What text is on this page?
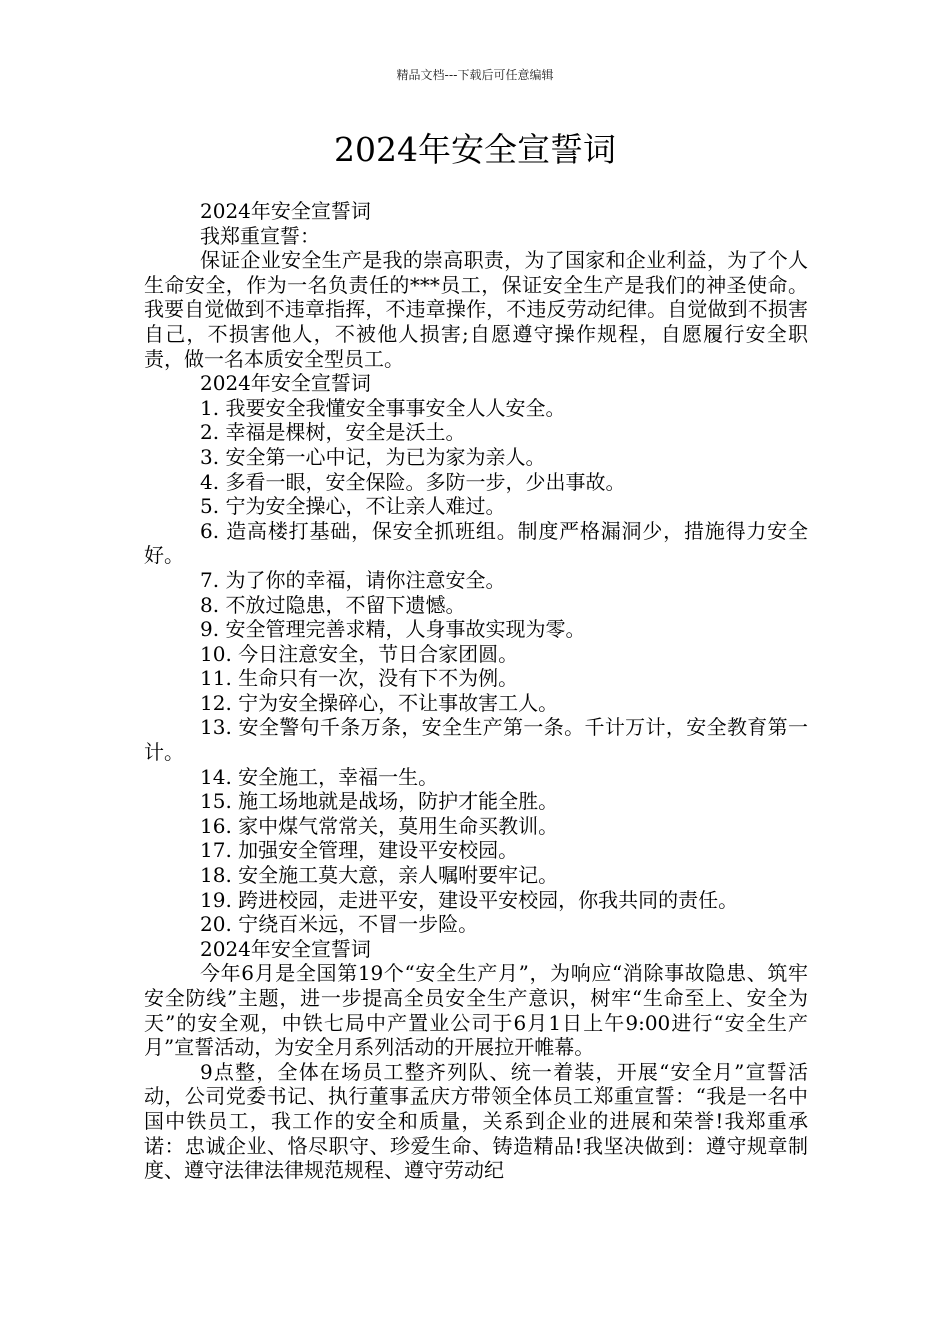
精品文档---下载后可任意编辑
2024年安全宣誓词

2024年安全宣誓词

我郑重宣誓：

保证企业安全生产是我的崇高职责，为了国家和企业利益，为了个人生命安全，作为一名负责任的***员工，保证安全生产是我们的神圣使命。我要自觉做到不违章指挥，不违章操作，不违反劳动纪律。自觉做到不损害自己，不损害他人，不被他人损害;自愿遵守操作规程，自愿履行安全职责，做一名本质安全型员工。

2024年安全宣誓词

1. 我要安全我懂安全事事安全人人安全。

2. 幸福是棵树，安全是沃土。

3. 安全第一心中记，为已为家为亲人。

4. 多看一眼，安全保险。多防一步，少出事故。

5. 宁为安全操心，不让亲人难过。

6. 造高楼打基础，保安全抓班组。制度严格漏洞少，措施得力安全好。

7. 为了你的幸福，请你注意安全。

8. 不放过隐患，不留下遗憾。

9. 安全管理完善求精，人身事故实现为零。

10. 今日注意安全，节日合家团圆。

11. 生命只有一次，没有下不为例。

12. 宁为安全操碎心，不让事故害工人。

13. 安全警句千条万条，安全生产第一条。千计万计，安全教育第一计。

14. 安全施工，幸福一生。

15. 施工场地就是战场，防护才能全胜。

16. 家中煤气常常关，莫用生命买教训。

17. 加强安全管理，建设平安校园。

18. 安全施工莫大意，亲人嘱咐要牢记。

19. 跨进校园，走进平安，建设平安校园，你我共同的责任。

20. 宁绕百米远，不冒一步险。

2024年安全宣誓词

今年6月是全国第19个“安全生产月”，为响应“消除事故隐患、筑牢安全防线”主题，进一步提高全员安全生产意识，树牢“生命至上、安全为天”的安全观，中铁七局中产置业公司于6月1日上午9:00进行“安全生产月”宣誓活动，为安全月系列活动的开展拉开帷幕。

9点整，全体在场员工整齐列队、统一着装，开展“安全月”宣誓活动，公司党委书记、执行董事孟庆方带领全体员工郑重宣誓：“我是一名中国中铁员工，我工作的安全和质量，关系到企业的进展和荣誉!我郑重承诺：忠诚企业、恪尽职守、珍爱生命、铸造精品!我坚决做到：遵守规章制度、遵守法律法律规范规程、遵守劳动纪
